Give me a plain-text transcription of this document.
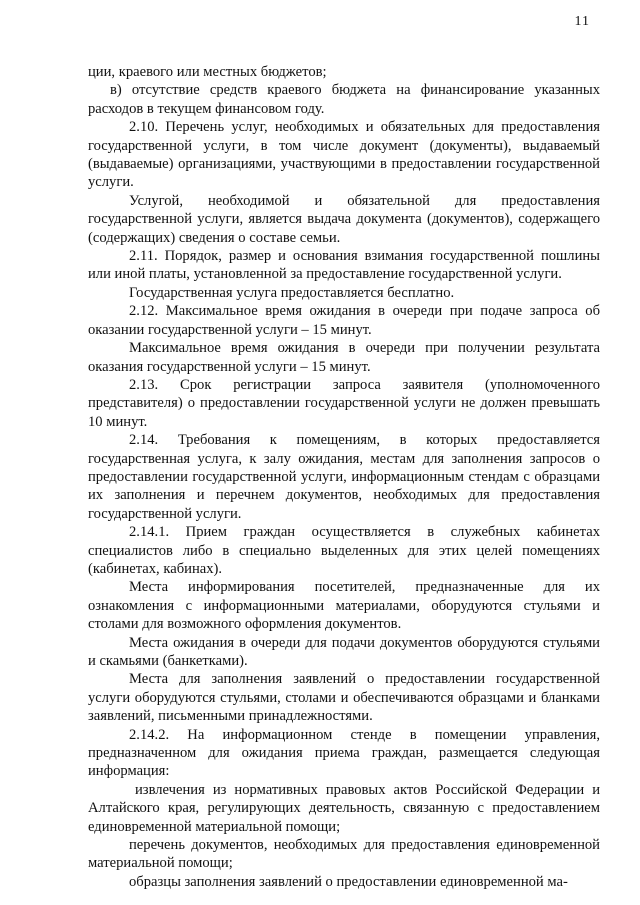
11

ции, краевого или местных бюджетов;

в) отсутствие средств краевого бюджета на финансирование указанных расходов в текущем финансовом году.

2.10. Перечень услуг, необходимых и обязательных для предоставления государственной услуги, в том числе документ (документы), выдаваемый (выдаваемые) организациями, участвующими в предоставлении государственной услуги.

Услугой, необходимой и обязательной для предоставления государственной услуги, является выдача документа (документов), содержащего (содержащих) сведения о составе семьи.

2.11. Порядок, размер и основания взимания государственной пошлины или иной платы, установленной за предоставление государственной услуги.

Государственная услуга предоставляется бесплатно.

2.12. Максимальное время ожидания в очереди при подаче запроса об оказании государственной услуги – 15 минут.

Максимальное время ожидания в очереди при получении результата оказания государственной услуги – 15 минут.

2.13. Срок регистрации запроса заявителя (уполномоченного представителя) о предоставлении государственной услуги не должен превышать 10 минут.

2.14. Требования к помещениям, в которых предоставляется государственная услуга, к залу ожидания, местам для заполнения запросов о предоставлении государственной услуги, информационным стендам с образцами их заполнения и перечнем документов, необходимых для предоставления государственной услуги.

2.14.1. Прием граждан осуществляется в служебных кабинетах специалистов либо в специально выделенных для этих целей помещениях (кабинетах, кабинах).

Места информирования посетителей, предназначенные для их ознакомления с информационными материалами, оборудуются стульями и столами для возможного оформления документов.

Места ожидания в очереди для подачи документов оборудуются стульями и скамьями (банкетками).

Места для заполнения заявлений о предоставлении государственной услуги оборудуются стульями, столами и обеспечиваются образцами и бланками заявлений, письменными принадлежностями.

2.14.2. На информационном стенде в помещении управления, предназначенном для ожидания приема граждан, размещается следующая информация:

извлечения из нормативных правовых актов Российской Федерации и Алтайского края, регулирующих деятельность, связанную с предоставлением единовременной материальной помощи;

перечень документов, необходимых для предоставления единовременной материальной помощи;

образцы заполнения заявлений о предоставлении единовременной ма-
